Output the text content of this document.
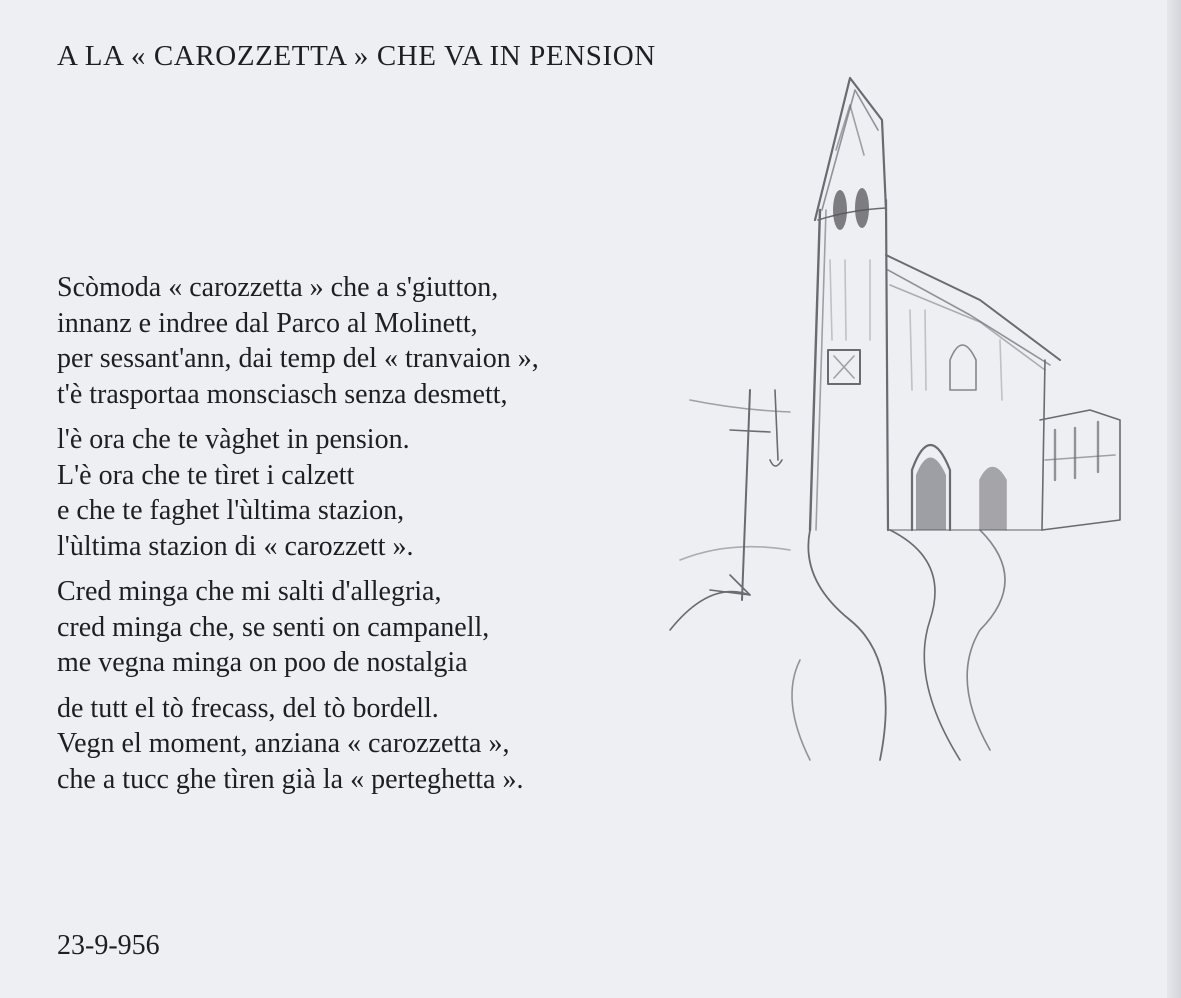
A LA « CAROZZETTA » CHE VA IN PENSION
Scòmoda « carozzetta » che a s'giutton,
innanz e indree dal Parco al Molinett,
per sessant'ann, dai temp del « tranvaion »,
t'è trasportaa monsciasch senza desmett,
l'è ora che te vàghet in pension.
L'è ora che te tìret i calzett
e che te faghet l'ùltima stazion,
l'ùltima stazion di « carozzett ».
Cred minga che mi salti d'allegria,
cred minga che, se senti on campanell,
me vegna minga on poo de nostalgia
de tutt el tò frecass, del tò bordell.
Vegn el moment, anziana « carozzetta »,
che a tucc ghe tìren già la « perteghetta ».
23-9-956
